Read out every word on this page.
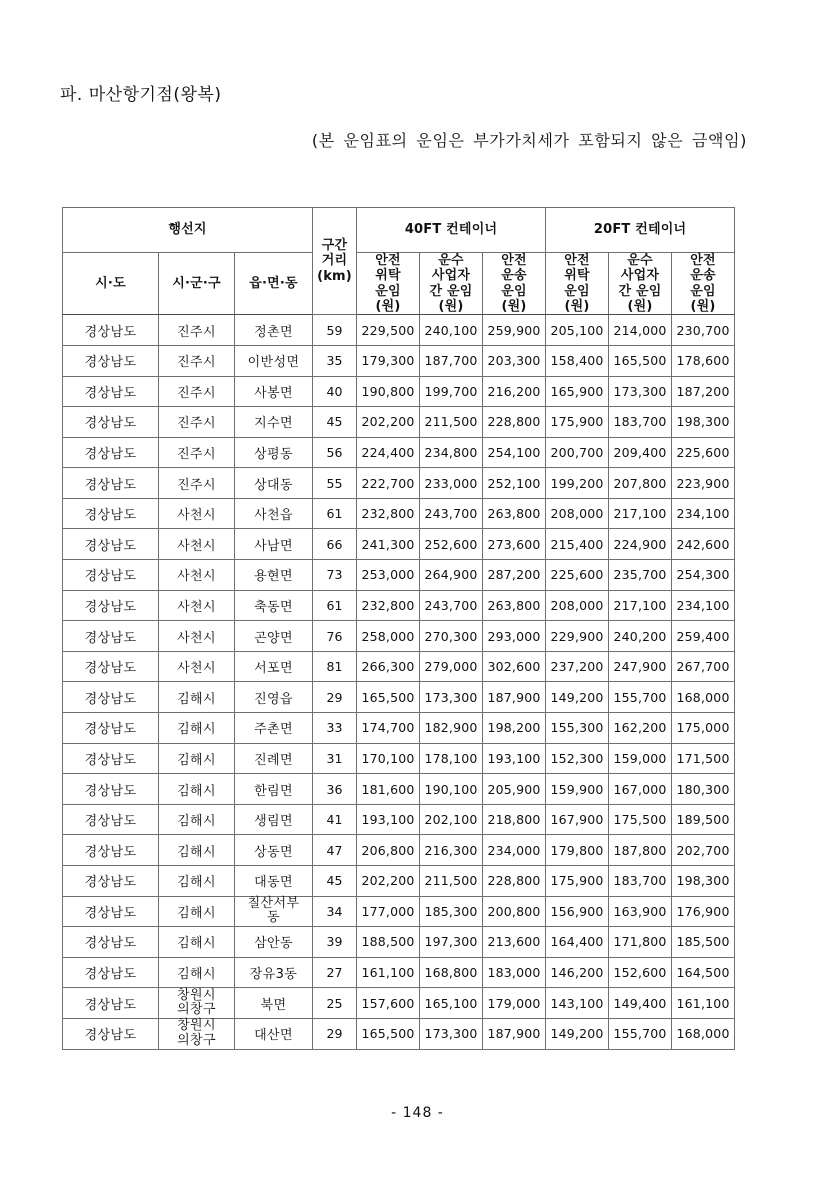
파. 마산항기점(왕복)
(본 운임표의 운임은 부가가치세가 포함되지 않은 금액임)
행선지			구간
거리
(km)	40FT 컨테이너			20FT 컨테이너		
시·도	시·군·구	읍·면·동		안전
위탁
운임
(원)	운수
사업자
간 운임
(원)	안전
운송
운임
(원)	안전
위탁
운임
(원)	운수
사업자
간 운임
(원)	안전
운송
운임
(원)

경상남도	진주시	정촌면	59	229,500	240,100	259,900	205,100	214,000	230,700
경상남도	진주시	이반성면	35	179,300	187,700	203,300	158,400	165,500	178,600
경상남도	진주시	사봉면	40	190,800	199,700	216,200	165,900	173,300	187,200
경상남도	진주시	지수면	45	202,200	211,500	228,800	175,900	183,700	198,300
경상남도	진주시	상평동	56	224,400	234,800	254,100	200,700	209,400	225,600
경상남도	진주시	상대동	55	222,700	233,000	252,100	199,200	207,800	223,900
경상남도	사천시	사천읍	61	232,800	243,700	263,800	208,000	217,100	234,100
경상남도	사천시	사남면	66	241,300	252,600	273,600	215,400	224,900	242,600
경상남도	사천시	용현면	73	253,000	264,900	287,200	225,600	235,700	254,300
경상남도	사천시	축동면	61	232,800	243,700	263,800	208,000	217,100	234,100
경상남도	사천시	곤양면	76	258,000	270,300	293,000	229,900	240,200	259,400
경상남도	사천시	서포면	81	266,300	279,000	302,600	237,200	247,900	267,700
경상남도	김해시	진영읍	29	165,500	173,300	187,900	149,200	155,700	168,000
경상남도	김해시	주촌면	33	174,700	182,900	198,200	155,300	162,200	175,000
경상남도	김해시	진례면	31	170,100	178,100	193,100	152,300	159,000	171,500
경상남도	김해시	한림면	36	181,600	190,100	205,900	159,900	167,000	180,300
경상남도	김해시	생림면	41	193,100	202,100	218,800	167,900	175,500	189,500
경상남도	김해시	상동면	47	206,800	216,300	234,000	179,800	187,800	202,700
경상남도	김해시	대동면	45	202,200	211,500	228,800	175,900	183,700	198,300
경상남도	김해시	칠산서부
동	34	177,000	185,300	200,800	156,900	163,900	176,900
경상남도	김해시	삼안동	39	188,500	197,300	213,600	164,400	171,800	185,500
경상남도	김해시	장유3동	27	161,100	168,800	183,000	146,200	152,600	164,500
경상남도	창원시
의창구	북면	25	157,600	165,100	179,000	143,100	149,400	161,100
경상남도	창원시
의창구	대산면	29	165,500	173,300	187,900	149,200	155,700	168,000
- 148 -
